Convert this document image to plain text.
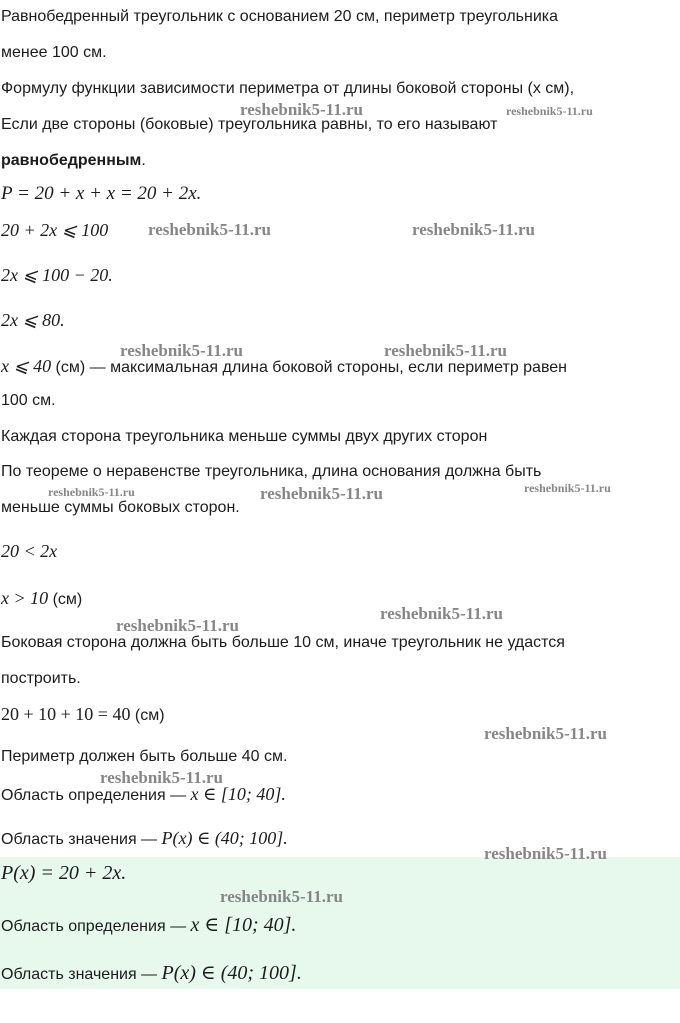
Равнобедренный треугольник с основанием 20 см, периметр треугольника
менее 100 см.
Формулу функции зависимости периметра от длины боковой стороны (x см),
Если две стороны (боковые) треугольника равны, то его называют
равнобедренным.
P = 20 + x + x = 20 + 2x.
20 + 2x ⩽ 100
2x ⩽ 100 − 20.
2x ⩽ 80.
x ⩽ 40 (см) — максимальная длина боковой стороны, если периметр равен
100 см.
Каждая сторона треугольника меньше суммы двух других сторон
По теореме о неравенстве треугольника, длина основания должна быть
меньше суммы боковых сторон.
20 < 2x
x > 10 (см)
Боковая сторона должна быть больше 10 см, иначе треугольник не удастся
построить.
20 + 10 + 10 = 40 (см)
Периметр должен быть больше 40 см.
Область определения — x ∈ [10; 40].
Область значения — P(x) ∈ (40; 100].
P(x) = 20 + 2x.
Область определения — x ∈ [10; 40].
Область значения — P(x) ∈ (40; 100].
reshebnik5-11.ru	reshebnik5-11.ru
reshebnik5-11.ru	reshebnik5-11.ru
reshebnik5-11.ru	reshebnik5-11.ru
reshebnik5-11.ru	reshebnik5-11.ru	reshebnik5-11.ru
reshebnik5-11.ru
reshebnik5-11.ru
reshebnik5-11.ru
reshebnik5-11.ru
reshebnik5-11.ru
reshebnik5-11.ru
